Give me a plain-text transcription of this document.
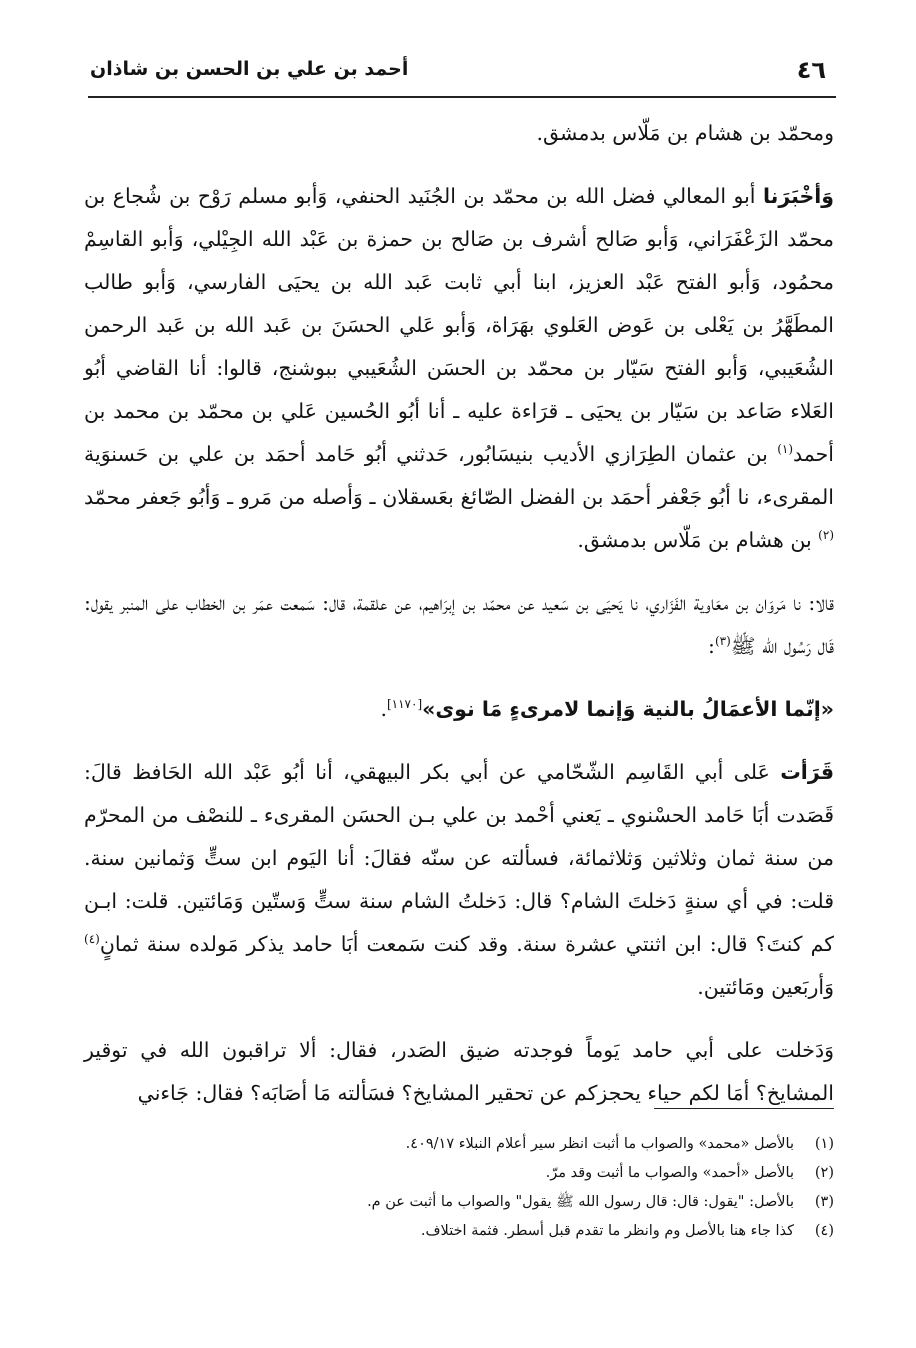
٤٦
أحمد بن علي بن الحسن بن شاذان

ومحمّد بن هشام بن مَلّاس بدمشق.

وَأخْبَرَنا أبو المعالي فضل الله بن محمّد بن الجُنَيد الحنفي، وَأبو مسلم رَوْح بن شُجاع بن محمّد الزَعْفَرَاني، وَأبو صَالح أشرف بن صَالح بن حمزة بن عَبْد الله الجِيْلي، وَأبو القاسِمْ محمُود، وَأبو الفتح عَبْد العزيز، ابنا أبي ثابت عَبد الله بن يحيَى الفارسي، وَأبو طالب المطَهَّرُ بن يَعْلى بن عَوض العَلوي بهَرَاة، وَأبو عَلي الحسَنَ بن عَبد الله بن عَبد الرحمن الشُعَيبي، وَأبو الفتح سَيّار بن محمّد بن الحسَن الشُعَيبي ببوشنج، قالوا: أنا القاضي أبُو العَلاء صَاعد بن سَيّار بن يحيَى ـ قرَاءة عليه ـ أنا أبُو الحُسين عَلي بن محمّد بن محمد بن أحمد$^{(١)}$ بن عثمان الطِرَازي الأديب بنيسَابُور، حَدثني أبُو حَامد أحمَد بن علي بن حَسنوَية المقرىء، نا أبُو جَعْفر أحمَد بن الفضل الصّائغ بعَسقلان ـ وَأصله من مَرو ـ وَأبُو جَعفر محمّد $^{(٢)}$ بن هشام بن مَلّاس بدمشق.

قالا: نا مَروَان بن معَاوية الفَزَاري، نا يَحيَى بن سَعيد عن محمّد بن إبرَاهيم، عن علقمة، قال: سَمعت عمَر بن الخطاب على المنبر يقول: قَال رَسُول الله ﷺ$^{(٣)}$:

«إنّما الأعمَالُ بالنية وَإنما لامرىءٍ مَا نوى»[١١٧٠].

قَرَأت عَلى أبي القَاسِم الشّحّامي عن أبي بكر البيهقي، أنا أبُو عَبْد الله الحَافظ قالَ: قَصَدت أبَا حَامد الحسْنوي ـ يَعني أحْمد بن علي بـن الحسَن المقرىء ـ للنصْف من المحرّم من سنة ثمان وثلاثين وَثلاثمائة، فسألته عن سنّه فقالَ: أنا اليَوم ابن ستٍّ وَثمانين سنة. قلت: في أي سنةٍ دَخلتَ الشام؟ قال: دَخلتُ الشام سنة ستٍّ وَستّين وَمَائتين. قلت: ابـن كم كنتَ؟ قال: ابن اثنتي عشرة سنة. وقد كنت سَمعت أبَا حامد يذكر مَولده سنة ثمانٍ$^{(٤)}$ وَأربَعين ومَائتين.

وَدَخلت على أبي حامد يَوماً فوجدته ضيق الصَدر، فقال: ألا تراقبون الله في توقير المشايخ؟ أمَا لكم حياء يحجزكم عن تحقير المشايخ؟ فسَألته مَا أصَابَه؟ فقال: جَاءني

(١)
بالأصل «محمد» والصواب ما أثبت انظر سير أعلام النبلاء ٤٠٩/١٧.
(٢)
بالأصل «أحمد» والصواب ما أثبت وقد مرّ.
(٣)
بالأصل: "يقول: قال: قال رسول الله ﷺ يقول" والصواب ما أثبت عن م.
(٤)
كذا جاء هنا بالأصل وم وانظر ما تقدم قبل أسطر. فثمة اختلاف.
